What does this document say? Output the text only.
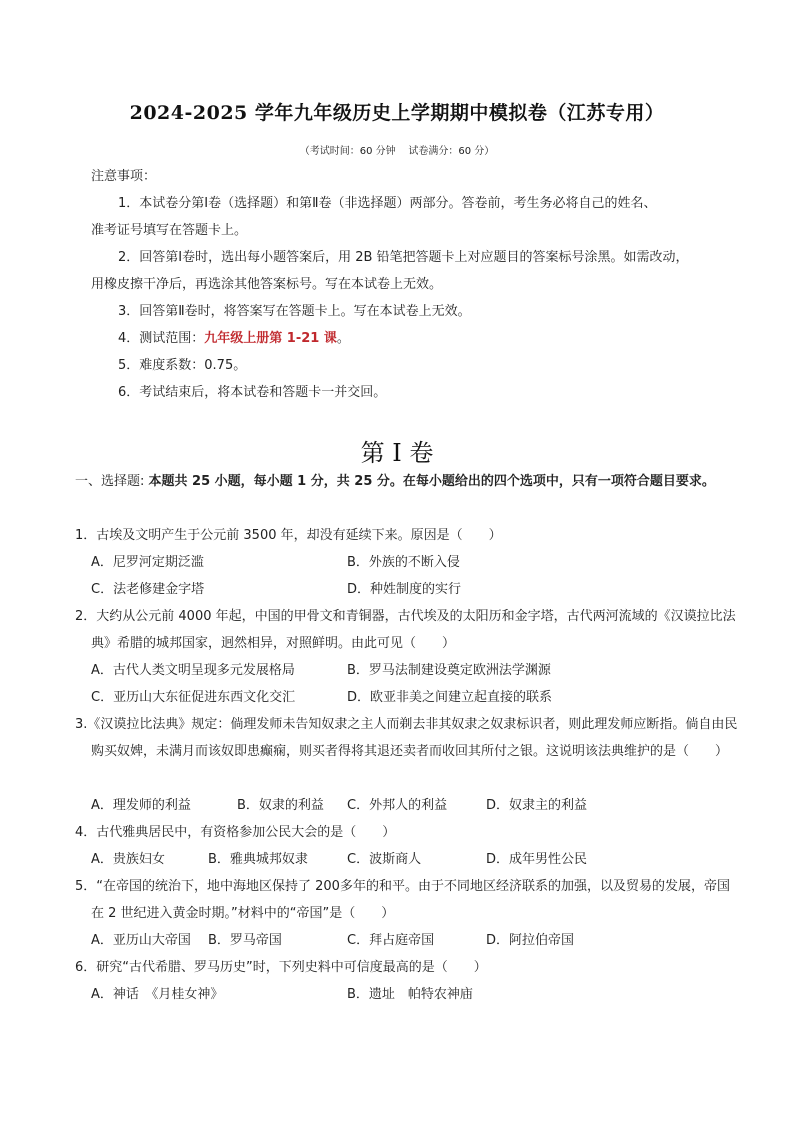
2024-2025 学年九年级历史上学期期中模拟卷（江苏专用）
（考试时间：60 分钟    试卷满分：60 分）
注意事项：
1．本试卷分第Ⅰ卷（选择题）和第Ⅱ卷（非选择题）两部分。答卷前，考生务必将自己的姓名、
准考证号填写在答题卡上。
2．回答第Ⅰ卷时，选出每小题答案后，用 2B 铅笔把答题卡上对应题目的答案标号涂黑。如需改动，
用橡皮擦干净后，再选涂其他答案标号。写在本试卷上无效。
3．回答第Ⅱ卷时，将答案写在答题卡上。写在本试卷上无效。
4．测试范围：九年级上册第 1-21 课。
5．难度系数：0.75。
6．考试结束后，将本试卷和答题卡一并交回。
第 I 卷
一、选择题: 本题共 25 小题，每小题 1 分，共 25 分。在每小题给出的四个选项中，只有一项符合题目要求。
1．古埃及文明产生于公元前 3500 年，却没有延续下来。原因是（　　）
A．尼罗河定期泛滥	B．外族的不断入侵
C．法老修建金字塔	D．种姓制度的实行
2．大约从公元前 4000 年起，中国的甲骨文和青铜器，古代埃及的太阳历和金字塔，古代两河流域的《汉谟拉比法典》希腊的城邦国家，迥然相异，对照鲜明。由此可见（　　）
A．古代人类文明呈现多元发展格局	B．罗马法制建设奠定欧洲法学渊源
C．亚历山大东征促进东西文化交汇	D．欧亚非美之间建立起直接的联系
3.《汉谟拉比法典》规定：倘理发师未告知奴隶之主人而剃去非其奴隶之奴隶标识者，则此理发师应断指。倘自由民购买奴婢，未满月而该奴即患癫痫，则买者得将其退还卖者而收回其所付之银。这说明该法典维护的是（　　）
A．理发师的利益	B．奴隶的利益 C．外邦人的利益	D．奴隶主的利益
4．古代雅典居民中，有资格参加公民大会的是（　　）
A．贵族妇女	B．雅典城邦奴隶	C．波斯商人	D．成年男性公民
5．“在帝国的统治下，地中海地区保持了 200多年的和平。由于不同地区经济联系的加强，以及贸易的发展，帝国在 2 世纪进入黄金时期。”材料中的“帝国”是（　　）
A．亚历山大帝国 B．罗马帝国	C．拜占庭帝国	D．阿拉伯帝国
6．研究“古代希腊、罗马历史”时，下列史料中可信度最高的是（　　）
A．神话　《月桂女神》	B．遗址　帕特农神庙
